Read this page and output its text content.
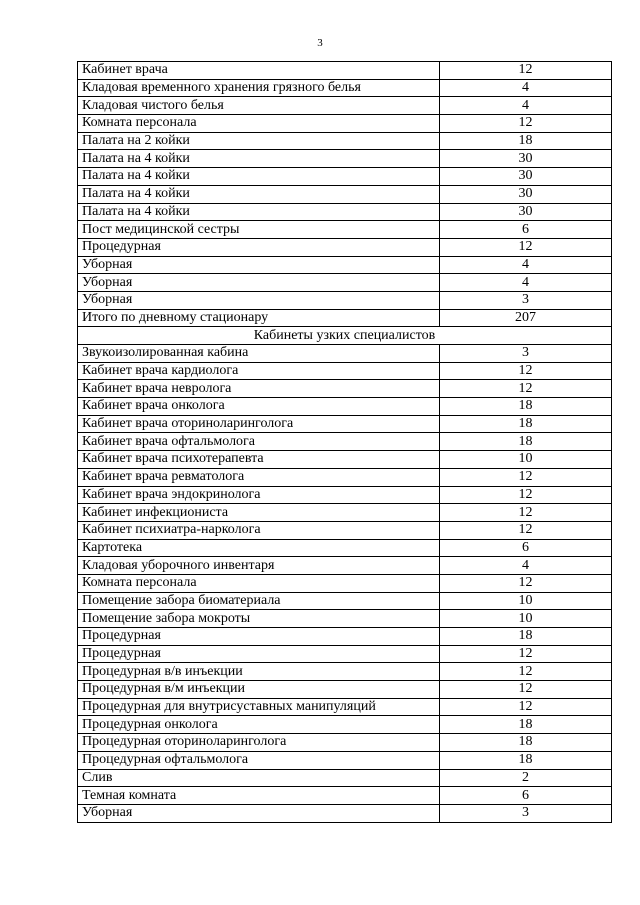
3
Кабинет врача	12
Кладовая временного хранения грязного белья	4
Кладовая чистого белья	4
Комната персонала	12
Палата на 2 койки	18
Палата на 4 койки	30
Палата на 4 койки	30
Палата на 4 койки	30
Палата на 4 койки	30
Пост медицинской сестры	6
Процедурная	12
Уборная	4
Уборная	4
Уборная	3
Итого по дневному стационару	207
Кабинеты узких специалистов	
Звукоизолированная кабина	3
Кабинет врача кардиолога	12
Кабинет врача невролога	12
Кабинет врача онколога	18
Кабинет врача оториноларинголога	18
Кабинет врача офтальмолога	18
Кабинет врача психотерапевта	10
Кабинет врача ревматолога	12
Кабинет врача эндокринолога	12
Кабинет инфекциониста	12
Кабинет психиатра-нарколога	12
Картотека	6
Кладовая уборочного инвентаря	4
Комната персонала	12
Помещение забора биоматериала	10
Помещение забора мокроты	10
Процедурная	18
Процедурная	12
Процедурная в/в инъекции	12
Процедурная в/м инъекции	12
Процедурная для внутрисуставных манипуляций	12
Процедурная онколога	18
Процедурная оториноларинголога	18
Процедурная офтальмолога	18
Слив	2
Темная комната	6
Уборная	3
